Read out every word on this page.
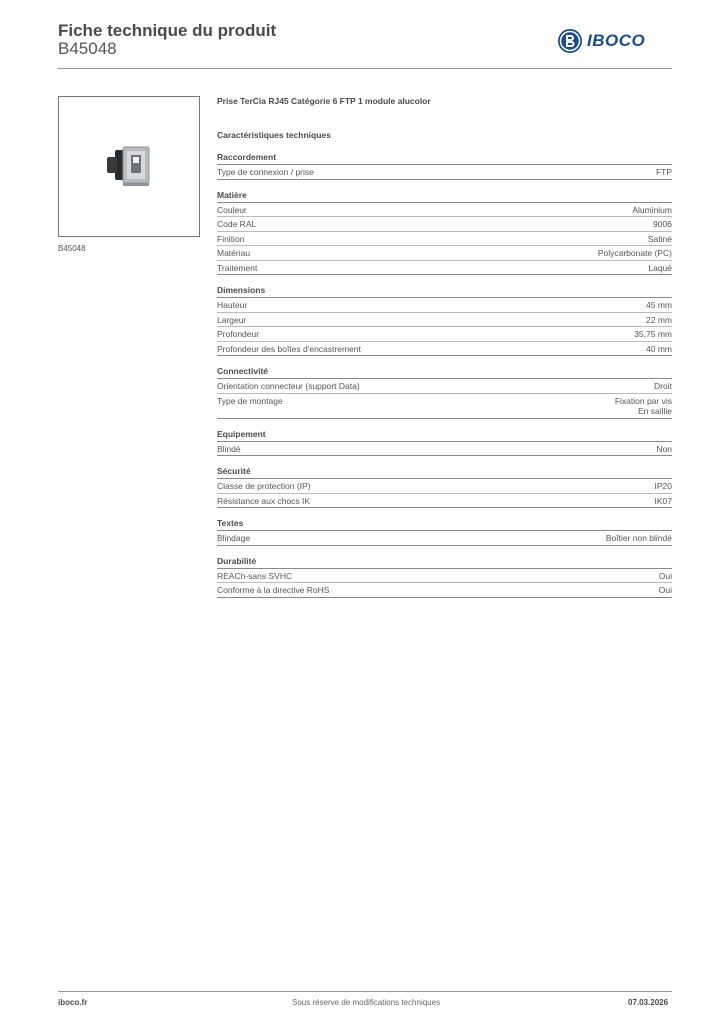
Fiche technique du produit
B45048	IBOCO
B45048
Prise TerCia RJ45 Catégorie 6 FTP 1 module alucolor
Caractéristiques techniques
Raccordement
Type de connexion / prise	FTP
Matière
Couleur	Aluminium
Code RAL	9006
Finition	Satiné
Matériau	Polycarbonate (PC)
Traitement	Laqué
Dimensions
Hauteur	45 mm
Largeur	22 mm
Profondeur	35,75 mm
Profondeur des boîtes d'encastrement	40 mm
Connectivité
Orientation connecteur (support Data)	Droit
Type de montage	Fixation par vis
En saillie
Equipement
Blindé	Non
Sécurité
Classe de protection (IP)	IP20
Résistance aux chocs IK	IK07
Textes
Blindage	Boîtier non blindé
Durabilité
REACh-sans SVHC	Oui
Conforme à la directive RoHS	Oui
iboco.fr	Sous réserve de modifications techniques	07.03.2026
